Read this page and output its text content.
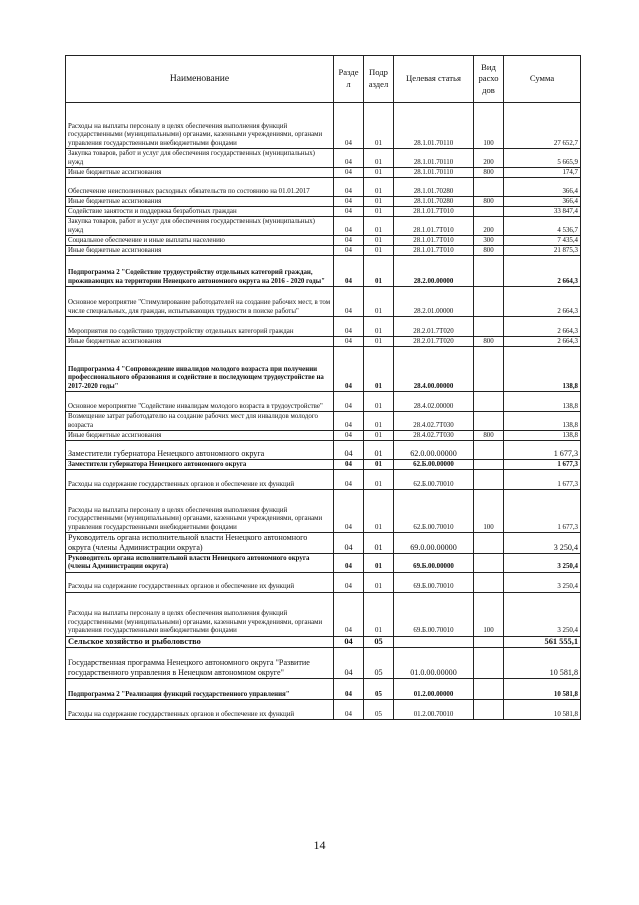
Наименование	Разде л	Подр аздел	Целевая статья	Вид расхо дов	Сумма
Расходы на выплаты персоналу в целях обеспечения выполнения функций государственными (муниципальными) органами, казенными учреждениями, органами управления государственными внебюджетными фондами	04	01	28.1.01.70110	100	27 652,7
Закупка товаров, работ и услуг для обеспечения государственных (муниципальных) нужд	04	01	28.1.01.70110	200	5 665,9
Иные бюджетные ассигнования	04	01	28.1.01.70110	800	174,7
Обеспечение неисполненных расходных обязательств по состоянию на 01.01.2017	04	01	28.1.01.70280		366,4
Иные бюджетные ассигнования	04	01	28.1.01.70280	800	366,4
Содействие занятости и поддержка безработных граждан	04	01	28.1.01.7Т010		33 847,4
Закупка товаров, работ и услуг для обеспечения государственных (муниципальных) нужд	04	01	28.1.01.7Т010	200	4 536,7
Социальное обеспечение и иные выплаты населению	04	01	28.1.01.7Т010	300	7 435,4
Иные бюджетные ассигнования	04	01	28.1.01.7Т010	800	21 875,3
Подпрограмма 2 "Содействие трудоустройству отдельных категорий граждан, проживающих на территории Ненецкого автономного округа на 2016 - 2020 годы"	04	01	28.2.00.00000		2 664,3
Основное мероприятие "Стимулирование работодателей на создание рабочих мест, в том числе специальных, для граждан, испытывающих трудности в поиске работы"	04	01	28.2.01.00000		2 664,3
Мероприятия по содействию трудоустройству отдельных категорий граждан	04	01	28.2.01.7Т020		2 664,3
Иные бюджетные ассигнования	04	01	28.2.01.7Т020	800	2 664,3
Подпрограмма 4 "Сопровождение инвалидов молодого возраста при получении профессионального образования и содействие в последующем трудоустройстве на 2017-2020 годы"	04	01	28.4.00.00000		138,8
Основное мероприятие "Содействие инвалидам молодого возраста в трудоустройстве"	04	01	28.4.02.00000		138,8
Возмещение затрат работодателю на создание рабочих мест для инвалидов молодого возраста	04	01	28.4.02.7Т030		138,8
Иные бюджетные ассигнования	04	01	28.4.02.7Т030	800	138,8
Заместители губернатора Ненецкого автономного округа	04	01	62.0.00.00000		1 677,3
Заместители губернатора Ненецкого автономного округа	04	01	62.Б.00.00000		1 677,3
Расходы на содержание государственных органов и обеспечение их функций	04	01	62.Б.00.70010		1 677,3
Расходы на выплаты персоналу в целях обеспечения выполнения функций государственными (муниципальными) органами, казенными учреждениями, органами управления государственными внебюджетными фондами	04	01	62.Б.00.70010	100	1 677,3
Руководитель органа исполнительной власти Ненецкого автономного округа (члены Администрации округа)	04	01	69.0.00.00000		3 250,4
Руководитель органа исполнительной власти Ненецкого автономного округа (члены Администрации округа)	04	01	69.Б.00.00000		3 250,4
Расходы на содержание государственных органов и обеспечение их функций	04	01	69.Б.00.70010		3 250,4
Расходы на выплаты персоналу в целях обеспечения выполнения функций государственными (муниципальными) органами, казенными учреждениями, органами управления государственными внебюджетными фондами	04	01	69.Б.00.70010	100	3 250,4
Сельское хозяйство и рыболовство	04	05			561 555,1
Государственная программа Ненецкого автономного округа "Развитие государственного управления в Ненецком автономном округе"	04	05	01.0.00.00000		10 581,8
Подпрограмма 2 "Реализация функций государственного управления"	04	05	01.2.00.00000		10 581,8
Расходы на содержание государственных органов и обеспечение их функций	04	05	01.2.00.70010		10 581,8
14
